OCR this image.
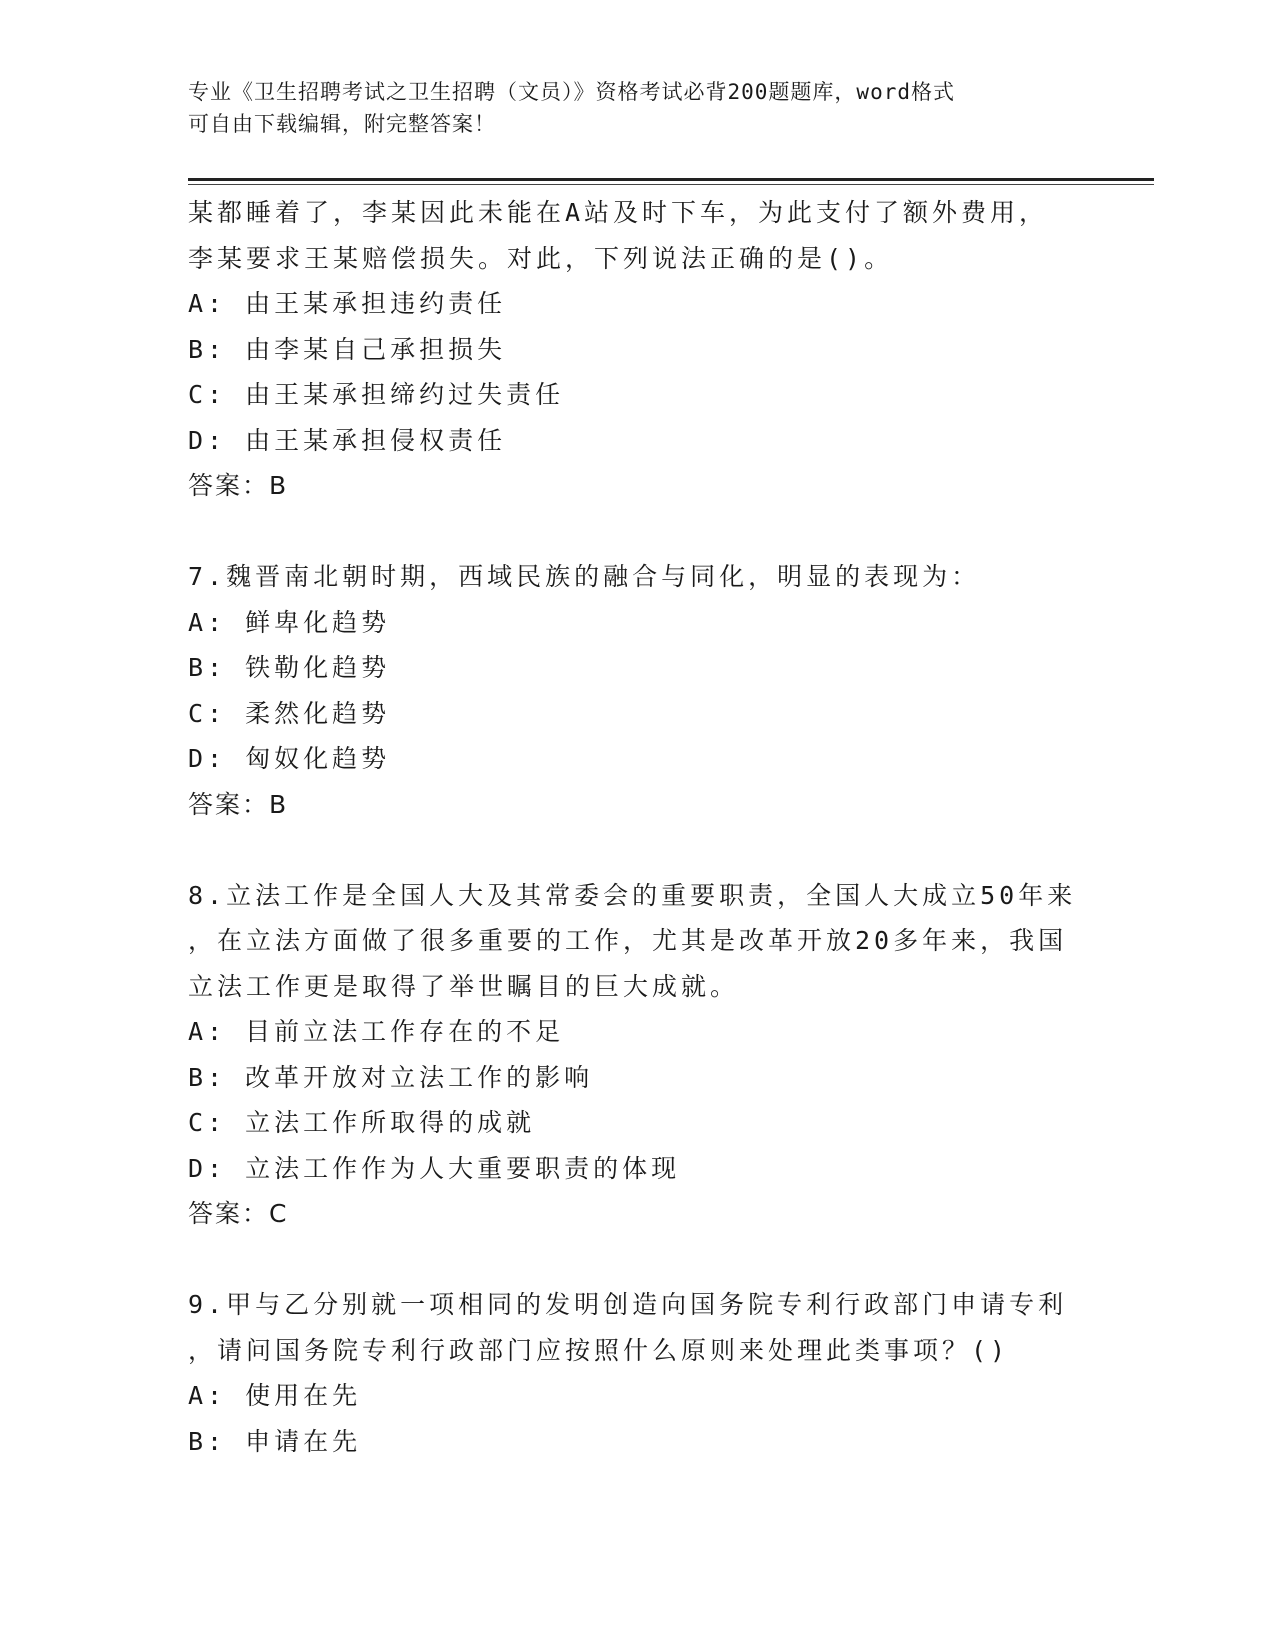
专业《卫生招聘考试之卫生招聘（文员）》资格考试必背200题题库，word格式
可自由下载编辑，附完整答案！
某都睡着了，李某因此未能在A站及时下车，为此支付了额外费用，
李某要求王某赔偿损失。对此，下列说法正确的是()。
A: 由王某承担违约责任
B: 由李某自己承担损失
C: 由王某承担缔约过失责任
D: 由王某承担侵权责任
答案：B
7.魏晋南北朝时期，西域民族的融合与同化，明显的表现为：
A: 鲜卑化趋势
B: 铁勒化趋势
C: 柔然化趋势
D: 匈奴化趋势
答案：B
8.立法工作是全国人大及其常委会的重要职责，全国人大成立50年来
，在立法方面做了很多重要的工作，尤其是改革开放20多年来，我国
立法工作更是取得了举世瞩目的巨大成就。
A: 目前立法工作存在的不足
B: 改革开放对立法工作的影响
C: 立法工作所取得的成就
D: 立法工作作为人大重要职责的体现
答案：C
9.甲与乙分别就一项相同的发明创造向国务院专利行政部门申请专利
，请问国务院专利行政部门应按照什么原则来处理此类事项？()
A: 使用在先
B: 申请在先
